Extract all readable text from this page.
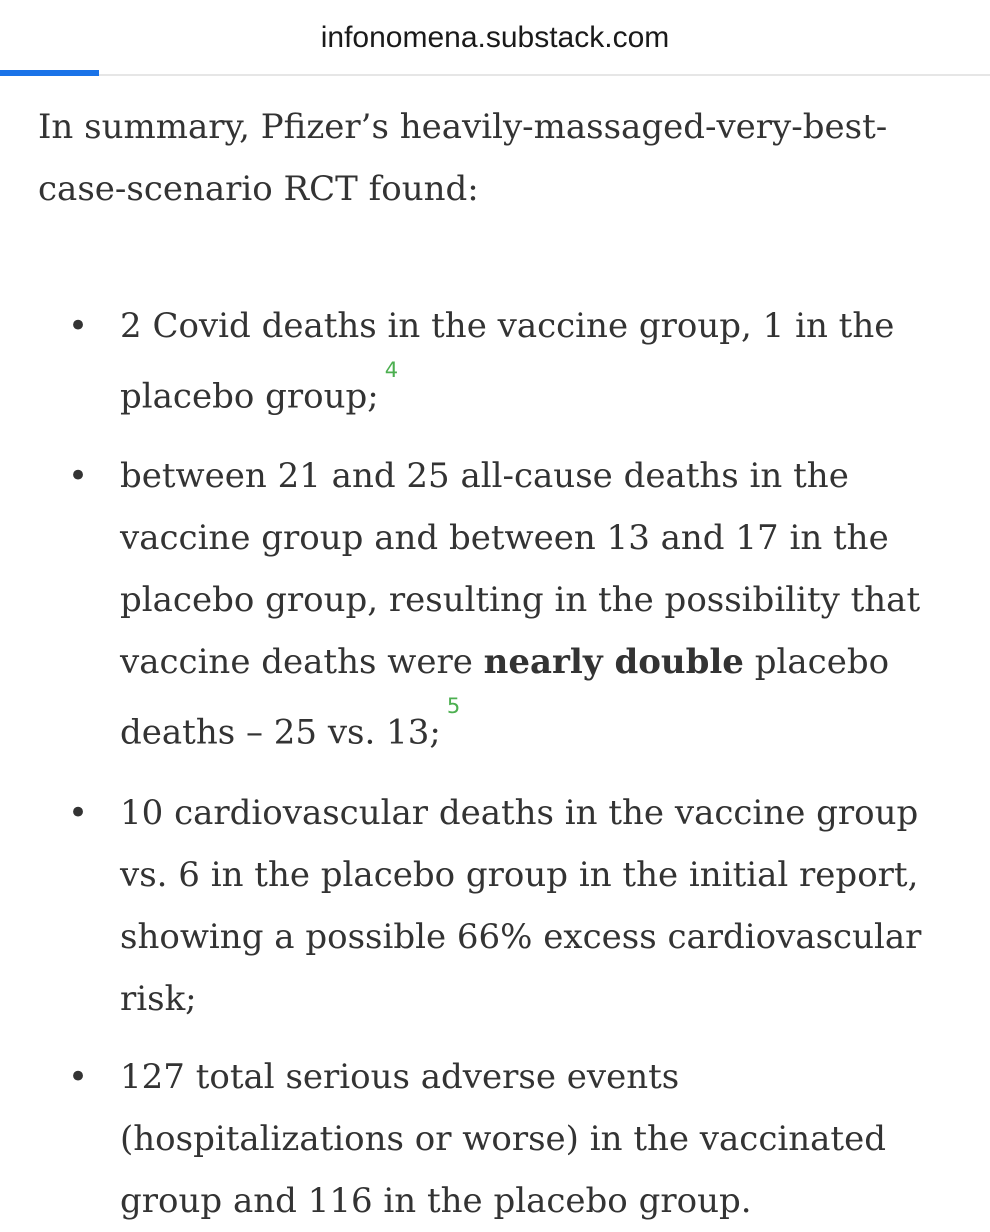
infonomena.substack.com

In summary, Pfizer’s heavily-massaged-very-best-case-scenario RCT found:

• 2 Covid deaths in the vaccine group, 1 in the placebo group;$^4$
• between 21 and 25 all-cause deaths in the vaccine group and between 13 and 17 in the placebo group, resulting in the possibility that vaccine deaths were nearly double placebo deaths – 25 vs. 13;$^5$
• 10 cardiovascular deaths in the vaccine group vs. 6 in the placebo group in the initial report, showing a possible 66% excess cardiovascular risk;
• 127 total serious adverse events (hospitalizations or worse) in the vaccinated group and 116 in the placebo group.
